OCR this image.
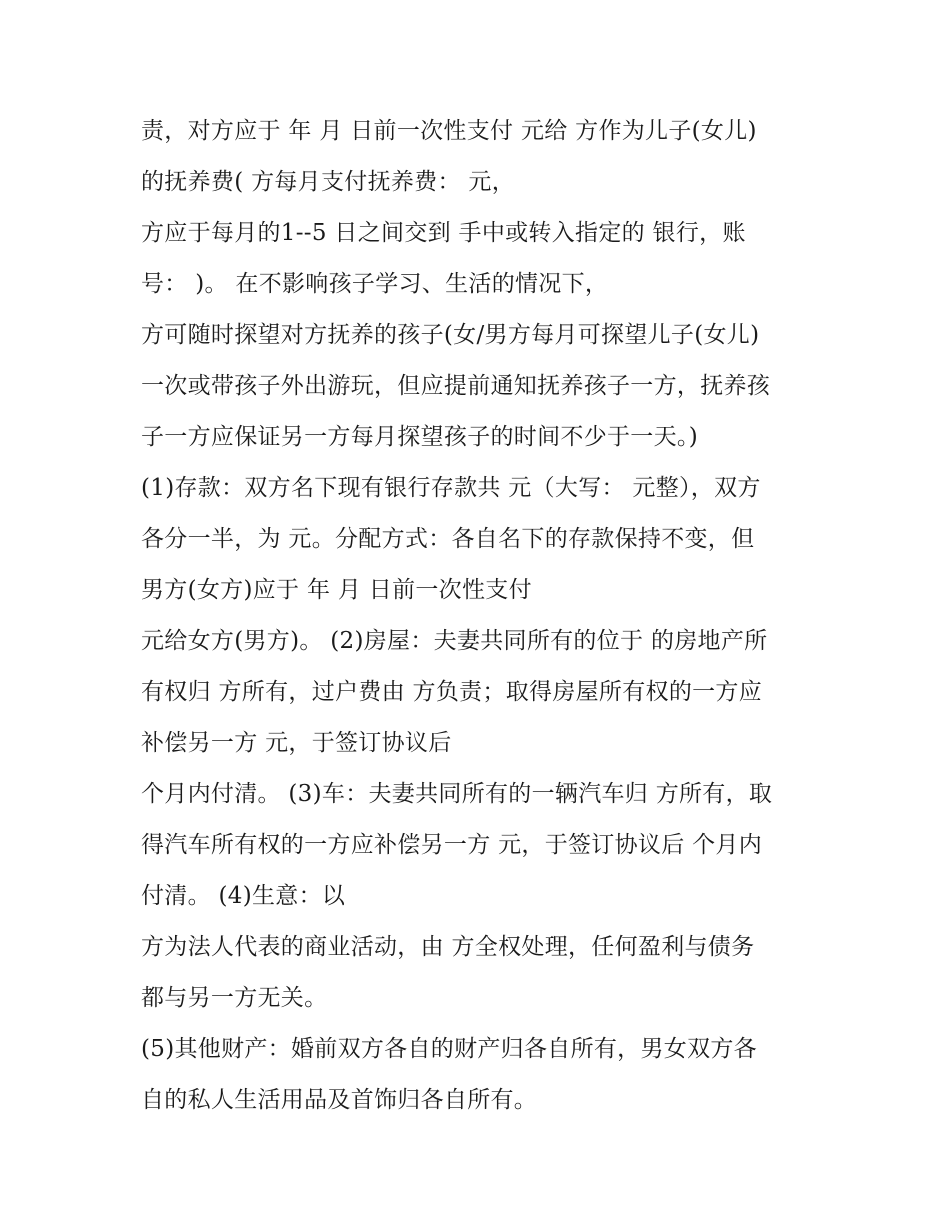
责，对方应于 年 月 日前一次性支付 元给 方作为儿子(女儿)
的抚养费( 方每月支付抚养费： 元，
方应于每月的1--5 日之间交到 手中或转入指定的 银行，账
号： )。 在不影响孩子学习、生活的情况下，
方可随时探望对方抚养的孩子(女/男方每月可探望儿子(女儿)
一次或带孩子外出游玩，但应提前通知抚养孩子一方，抚养孩
子一方应保证另一方每月探望孩子的时间不少于一天。)
(1)存款：双方名下现有银行存款共 元（大写： 元整），双方
各分一半，为 元。分配方式：各自名下的存款保持不变，但
男方(女方)应于 年 月 日前一次性支付
元给女方(男方)。 (2)房屋：夫妻共同所有的位于 的房地产所
有权归 方所有，过户费由 方负责；取得房屋所有权的一方应
补偿另一方 元，于签订协议后
个月内付清。 (3)车：夫妻共同所有的一辆汽车归 方所有，取
得汽车所有权的一方应补偿另一方 元，于签订协议后 个月内
付清。 (4)生意：以
方为法人代表的商业活动，由 方全权处理，任何盈利与债务
都与另一方无关。
(5)其他财产：婚前双方各自的财产归各自所有，男女双方各
自的私人生活用品及首饰归各自所有。
